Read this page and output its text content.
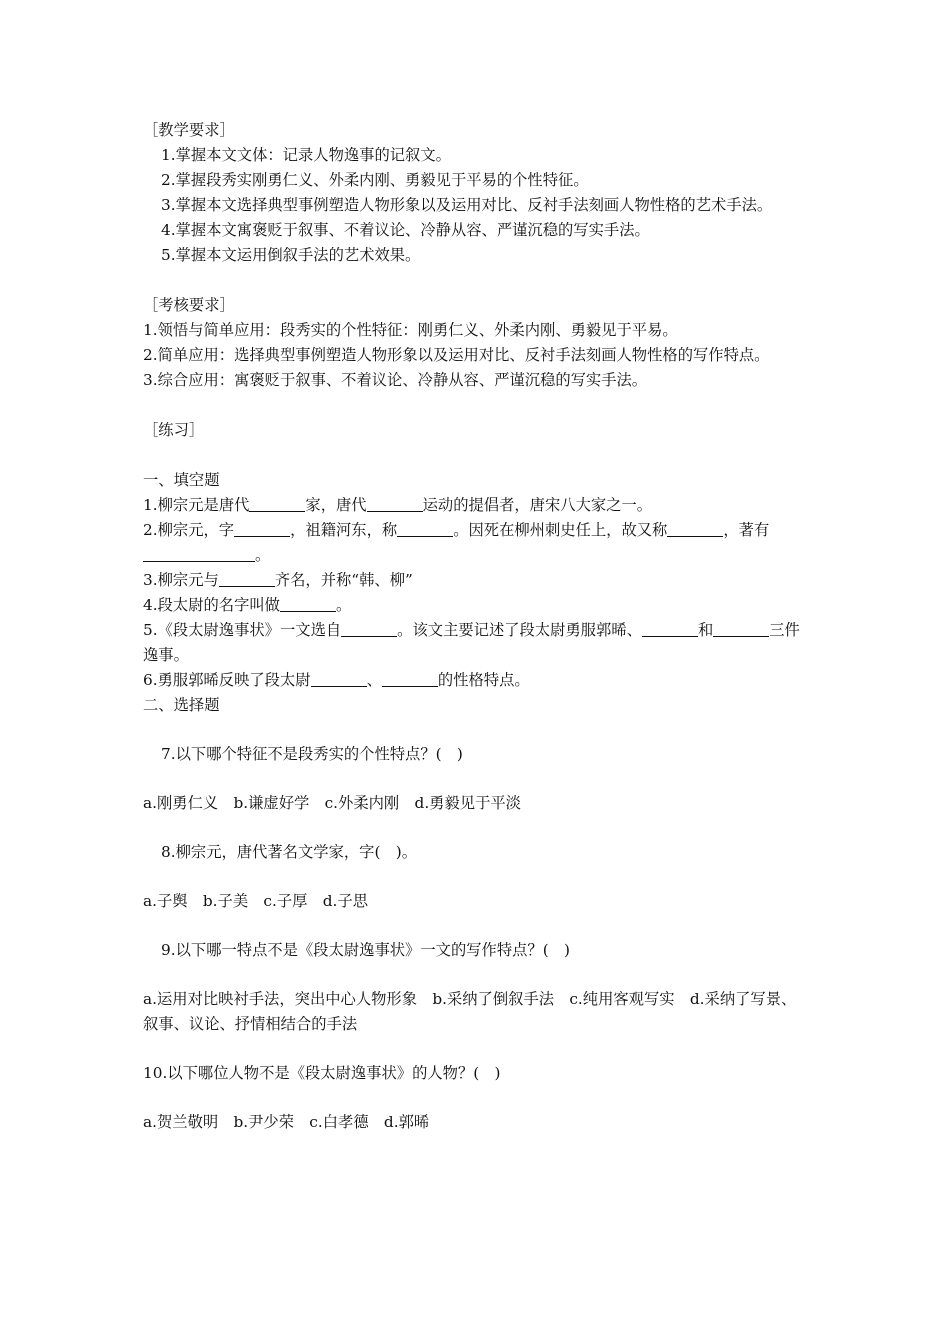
［教学要求］

1.掌握本文文体：记录人物逸事的记叙文。

2.掌握段秀实刚勇仁义、外柔内刚、勇毅见于平易的个性特征。

3.掌握本文选择典型事例塑造人物形象以及运用对比、反衬手法刻画人物性格的艺术手法。

4.掌握本文寓褒贬于叙事、不着议论、冷静从容、严谨沉稳的写实手法。

5.掌握本文运用倒叙手法的艺术效果。

［考核要求］

1.领悟与简单应用：段秀实的个性特征：刚勇仁义、外柔内刚、勇毅见于平易。

2.简单应用：选择典型事例塑造人物形象以及运用对比、反衬手法刻画人物性格的写作特点。

3.综合应用：寓褒贬于叙事、不着议论、冷静从容、严谨沉稳的写实手法。

［练习］

一、填空题

1.柳宗元是唐代	家，唐代	运动的提倡者，唐宋八大家之一。

2.柳宗元，字	，祖籍河东，称	。因死在柳州刺史任上，故又称	，著有。

3.柳宗元与	齐名，并称“韩、柳”

4.段太尉的名字叫做	。

5.《段太尉逸事状》一文选自	。该文主要记述了段太尉勇服郭晞、	和	三件逸事。

6.勇服郭晞反映了段太尉	、	的性格特点。

二、选择题

7.以下哪个特征不是段秀实的个性特点？(　)

a.刚勇仁义　b.谦虚好学　c.外柔内刚　d.勇毅见于平淡

8.柳宗元，唐代著名文学家，字(　)。

a.子舆　b.子美　c.子厚　d.子思

9.以下哪一特点不是《段太尉逸事状》一文的写作特点？(　)

a.运用对比映衬手法，突出中心人物形象　b.采纳了倒叙手法　c.纯用客观写实　d.采纳了写景、叙事、议论、抒情相结合的手法

10.以下哪位人物不是《段太尉逸事状》的人物？(　)

a.贺兰敬明　b.尹少荣　c.白孝德　d.郭晞
